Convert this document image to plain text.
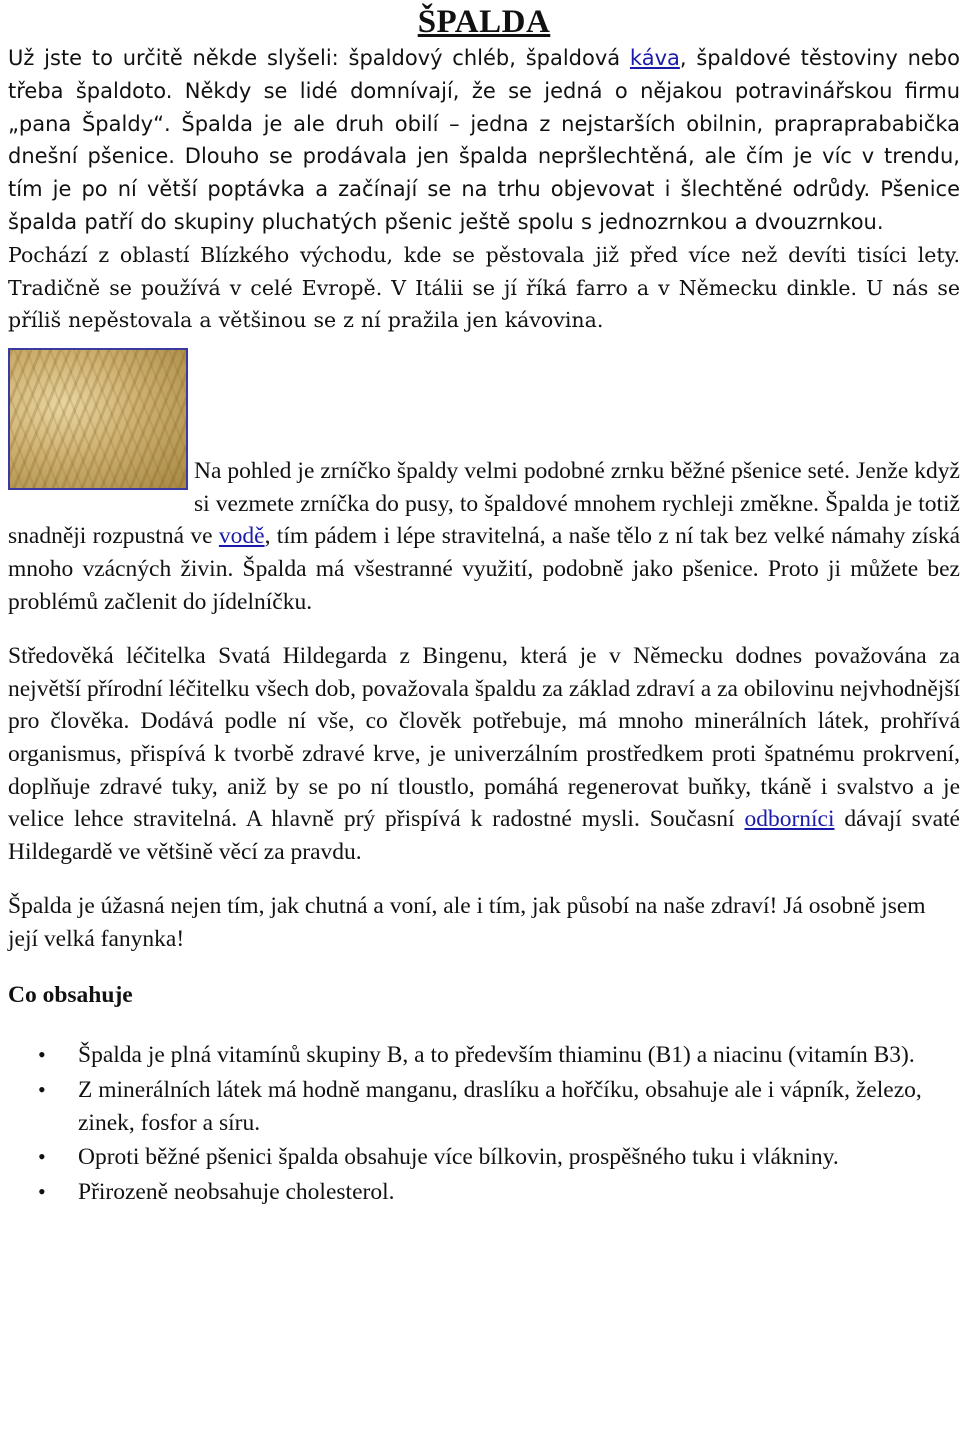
ŠPALDA

Už jste to určitě někde slyšeli: špaldový chléb, špaldová káva, špaldové těstoviny nebo třeba špaldoto. Někdy se lidé domnívají, že se jedná o nějakou potravinářskou firmu „pana Špaldy“. Špalda je ale druh obilí – jedna z nejstarších obilnin, prapraprababička dnešní pšenice. Dlouho se prodávala jen špalda nepršlechtěná, ale čím je víc v trendu, tím je po ní větší poptávka a začínají se na trhu objevovat i šlechtěné odrůdy. Pšenice špalda patří do skupiny pluchatých pšenic ještě spolu s jednozrnkou a dvouzrnkou.

Pochází z oblastí Blízkého východu, kde se pěstovala již před více než devíti tisíci lety. Tradičně se používá v celé Evropě. V Itálii se jí říká farro a v Německu dinkle. U nás se příliš nepěstovala a většinou se z ní pražila jen kávovina.

Na pohled je zrníčko špaldy velmi podobné zrnku běžné pšenice seté. Jenže když si vezmete zrníčka do pusy, to špaldové mnohem rychleji změkne. Špalda je totiž snadněji rozpustná ve vodě, tím pádem i lépe stravitelná, a naše tělo z ní tak bez velké námahy získá mnoho vzácných živin. Špalda má všestranné využití, podobně jako pšenice. Proto ji můžete bez problémů začlenit do jídelníčku.

Středověká léčitelka Svatá Hildegarda z Bingenu, která je v Německu dodnes považována za největší přírodní léčitelku všech dob, považovala špaldu za základ zdraví a za obilovinu nejvhodnější pro člověka. Dodává podle ní vše, co člověk potřebuje, má mnoho minerálních látek, prohřívá organismus, přispívá k tvorbě zdravé krve, je univerzálním prostředkem proti špatnému prokrvení, doplňuje zdravé tuky, aniž by se po ní tloustlo, pomáhá regenerovat buňky, tkáně i svalstvo a je velice lehce stravitelná. A hlavně prý přispívá k radostné mysli. Současní odborníci dávají svaté Hildegardě ve většině věcí za pravdu.

Špalda je úžasná nejen tím, jak chutná a voní, ale i tím, jak působí na naše zdraví! Já osobně jsem její velká fanynka!

Co obsahuje

• Špalda je plná vitamínů skupiny B, a to především thiaminu (B1) a niacinu (vitamín B3).
• Z minerálních látek má hodně manganu, draslíku a hořčíku, obsahuje ale i vápník, železo, zinek, fosfor a síru.
• Oproti běžné pšenici špalda obsahuje více bílkovin, prospěšného tuku i vlákniny.
• Přirozeně neobsahuje cholesterol.
